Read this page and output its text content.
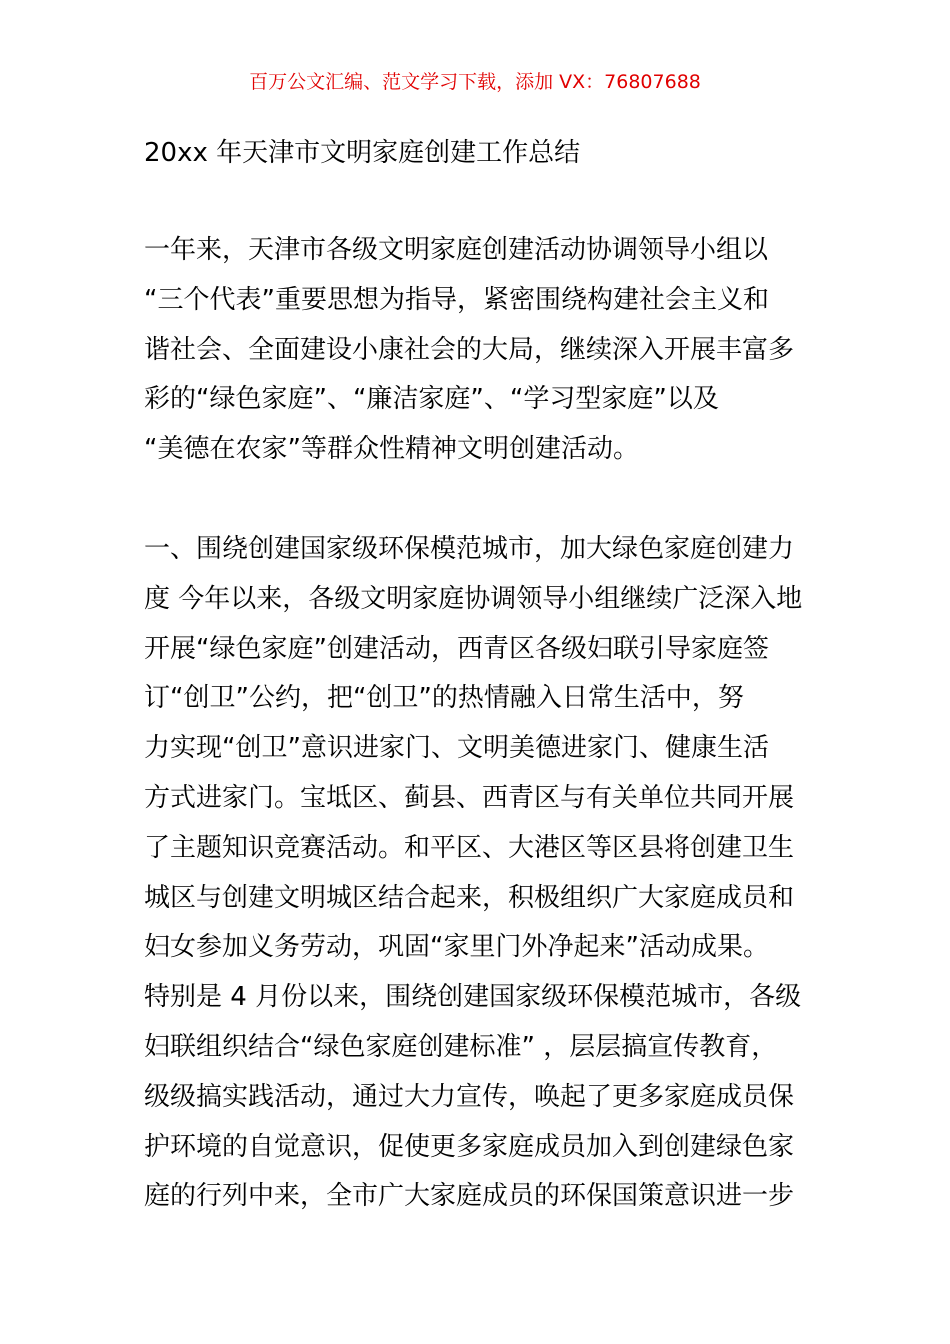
百万公文汇编、范文学习下载，添加 VX：76807688
20xx 年天津市文明家庭创建工作总结
一年来，天津市各级文明家庭创建活动协调领导小组以
“三个代表”重要思想为指导，紧密围绕构建社会主义和
谐社会、全面建设小康社会的大局，继续深入开展丰富多
彩的“绿色家庭”、“廉洁家庭”、“学习型家庭”以及
“美德在农家”等群众性精神文明创建活动。
一、围绕创建国家级环保模范城市，加大绿色家庭创建力
度 今年以来，各级文明家庭协调领导小组继续广泛深入地
开展“绿色家庭”创建活动，西青区各级妇联引导家庭签
订“创卫”公约，把“创卫”的热情融入日常生活中，努
力实现“创卫”意识进家门、文明美德进家门、健康生活
方式进家门。宝坻区、蓟县、西青区与有关单位共同开展
了主题知识竞赛活动。和平区、大港区等区县将创建卫生
城区与创建文明城区结合起来，积极组织广大家庭成员和
妇女参加义务劳动，巩固“家里门外净起来”活动成果。
特别是 4 月份以来，围绕创建国家级环保模范城市，各级
妇联组织结合“绿色家庭创建标准” ，层层搞宣传教育，
级级搞实践活动，通过大力宣传，唤起了更多家庭成员保
护环境的自觉意识，促使更多家庭成员加入到创建绿色家
庭的行列中来，全市广大家庭成员的环保国策意识进一步
